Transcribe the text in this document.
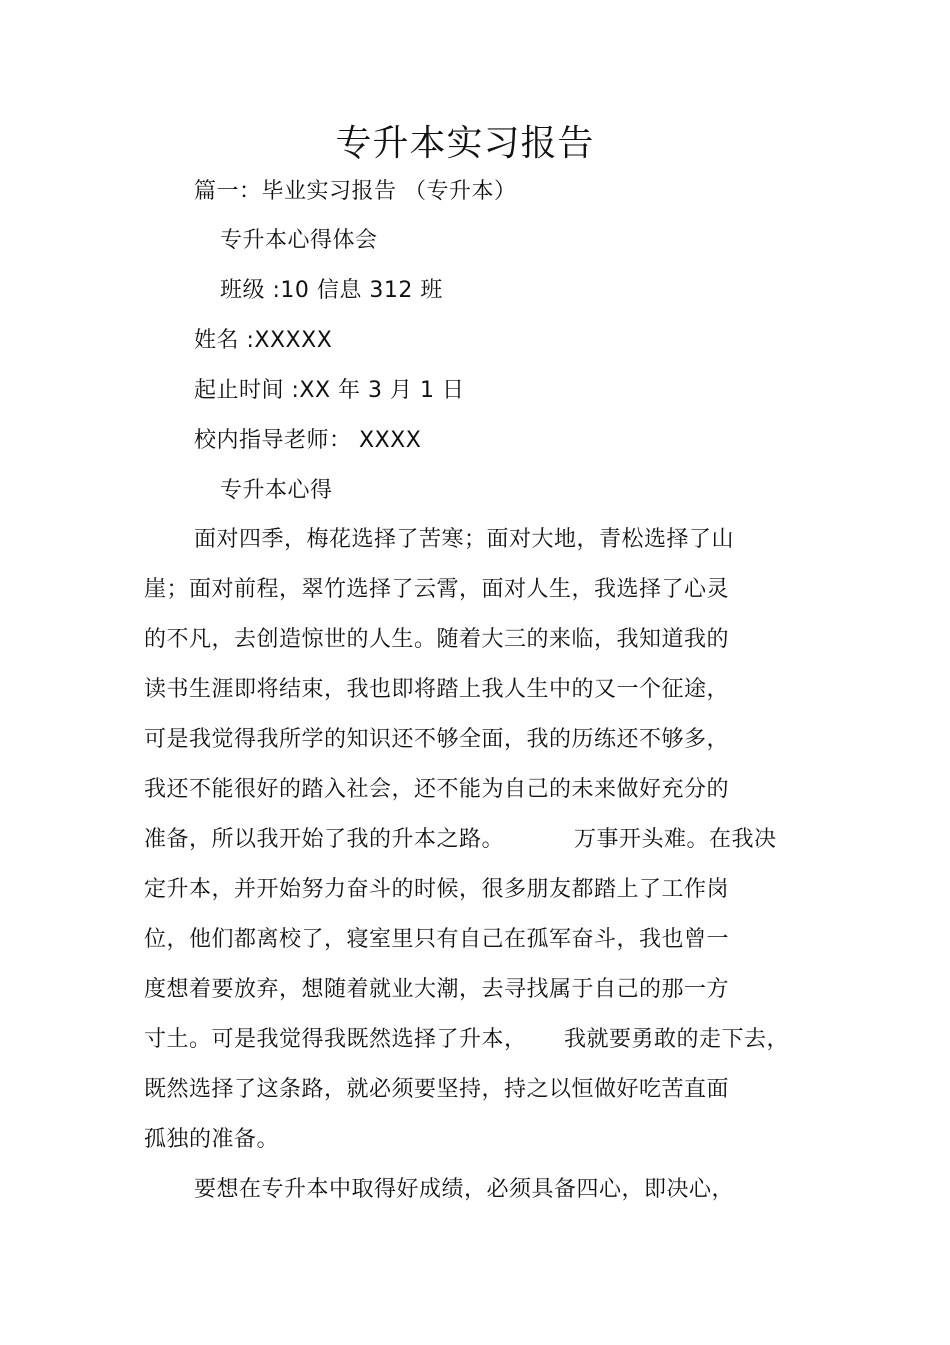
专升本实习报告
篇一：毕业实习报告 （专升本）
专升本心得体会
班级 :10 信息 312 班
姓名 :XXXXX
起止时间 :XX 年 3 月 1 日
校内指导老师： XXXX
专升本心得
面对四季，梅花选择了苦寒；面对大地，青松选择了山
崖；面对前程，翠竹选择了云霄，面对人生，我选择了心灵
的不凡，去创造惊世的人生。随着大三的来临，我知道我的
读书生涯即将结束，我也即将踏上我人生中的又一个征途，
可是我觉得我所学的知识还不够全面，我的历练还不够多，
我还不能很好的踏入社会，还不能为自己的未来做好充分的
准备，所以我开始了我的升本之路。	万事开头难。在我决
定升本，并开始努力奋斗的时候，很多朋友都踏上了工作岗
位，他们都离校了，寝室里只有自己在孤军奋斗，我也曾一
度想着要放弃，想随着就业大潮，去寻找属于自己的那一方
寸土。可是我觉得我既然选择了升本， 我就要勇敢的走下去，
既然选择了这条路，就必须要坚持，持之以恒做好吃苦直面
孤独的准备。
要想在专升本中取得好成绩，必须具备四心，即决心，
